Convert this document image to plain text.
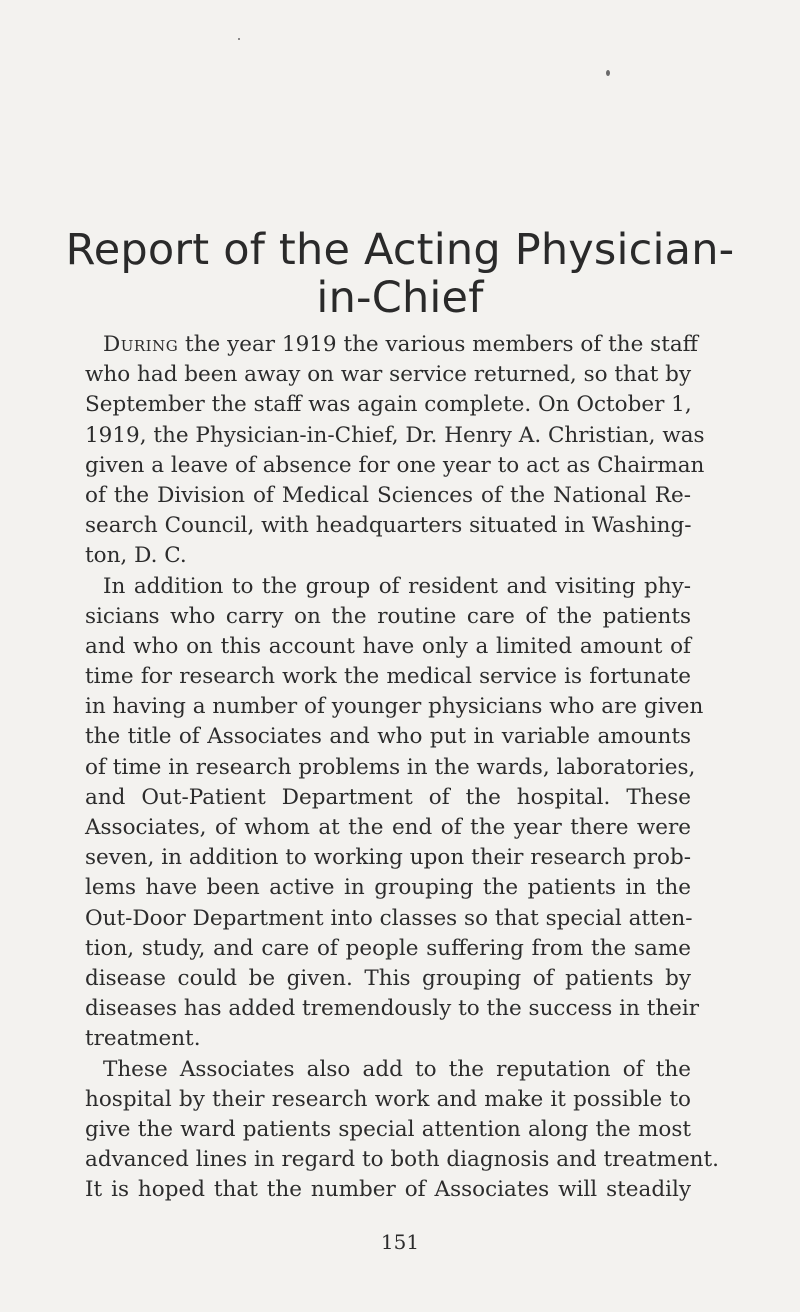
Report of the Acting Physician-
in-Chief
During the year 1919 the various members of the staff
who had been away on war service returned, so that by
September the staff was again complete. On October 1,
1919, the Physician-in-Chief, Dr. Henry A. Christian, was
given a leave of absence for one year to act as Chairman
of the Division of Medical Sciences of the National Re-
search Council, with headquarters situated in Washing-
ton, D. C.
In addition to the group of resident and visiting phy-
sicians who carry on the routine care of the patients
and who on this account have only a limited amount of
time for research work the medical service is fortunate
in having a number of younger physicians who are given
the title of Associates and who put in variable amounts
of time in research problems in the wards, laboratories,
and Out-Patient Department of the hospital. These
Associates, of whom at the end of the year there were
seven, in addition to working upon their research prob-
lems have been active in grouping the patients in the
Out-Door Department into classes so that special atten-
tion, study, and care of people suffering from the same
disease could be given. This grouping of patients by
diseases has added tremendously to the success in their
treatment.
These Associates also add to the reputation of the
hospital by their research work and make it possible to
give the ward patients special attention along the most
advanced lines in regard to both diagnosis and treatment.
It is hoped that the number of Associates will steadily
151
